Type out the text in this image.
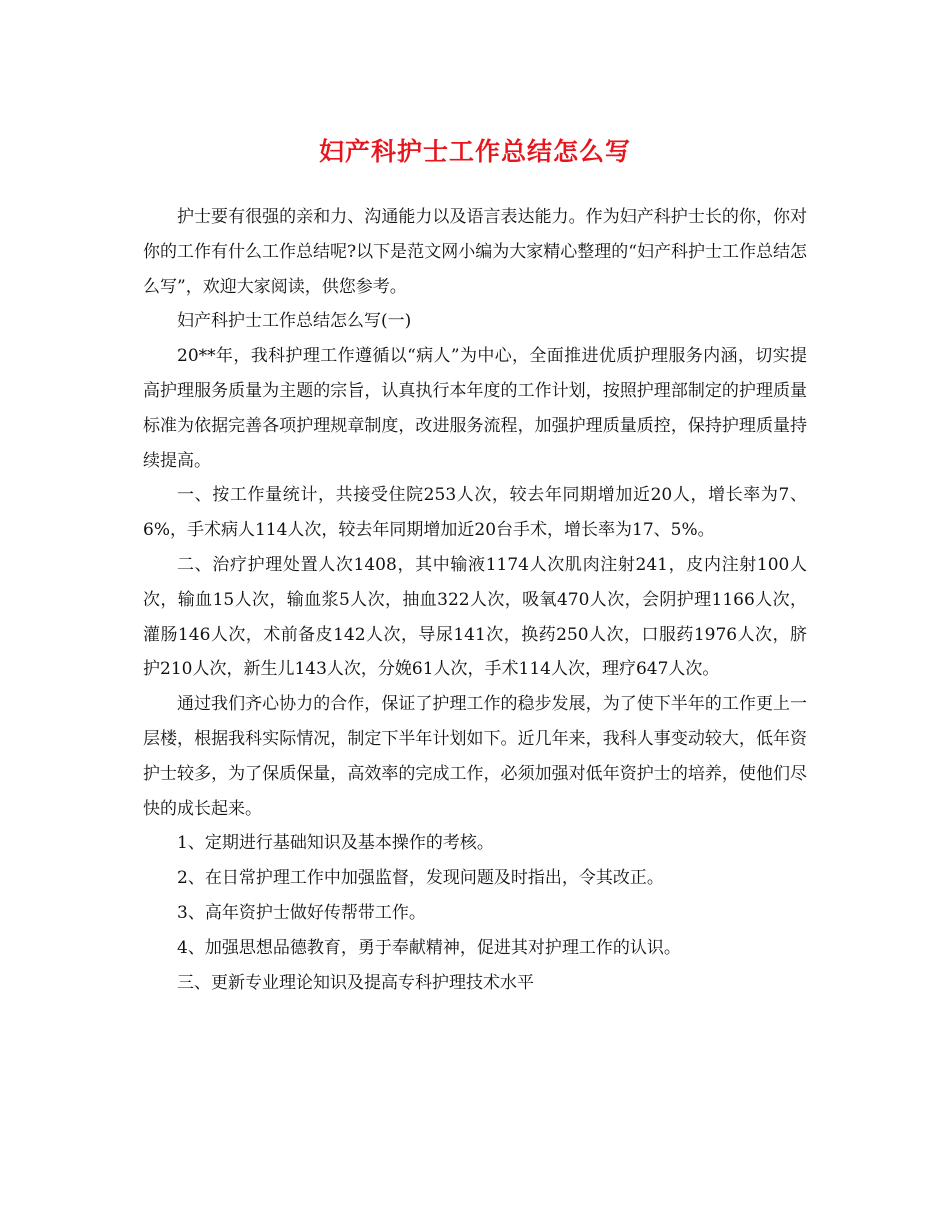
妇产科护士工作总结怎么写

护士要有很强的亲和力、沟通能力以及语言表达能力。作为妇产科护士长的你，你对你的工作有什么工作总结呢?以下是范文网小编为大家精心整理的“妇产科护士工作总结怎么写”，欢迎大家阅读，供您参考。

妇产科护士工作总结怎么写(一)

20**年，我科护理工作遵循以“病人”为中心，全面推进优质护理服务内涵，切实提高护理服务质量为主题的宗旨，认真执行本年度的工作计划，按照护理部制定的护理质量标准为依据完善各项护理规章制度，改进服务流程，加强护理质量质控，保持护理质量持续提高。

一、按工作量统计，共接受住院253人次，较去年同期增加近20人，增长率为7、6%，手术病人114人次，较去年同期增加近20台手术，增长率为17、5%。

二、治疗护理处置人次1408，其中输液1174人次肌肉注射241，皮内注射100人次，输血15人次，输血浆5人次，抽血322人次，吸氧470人次，会阴护理1166人次，灌肠146人次，术前备皮142人次，导尿141次，换药250人次，口服药1976人次，脐护210人次，新生儿143人次，分娩61人次，手术114人次，理疗647人次。

通过我们齐心协力的合作，保证了护理工作的稳步发展，为了使下半年的工作更上一层楼，根据我科实际情况，制定下半年计划如下。近几年来，我科人事变动较大，低年资护士较多，为了保质保量，高效率的完成工作，必须加强对低年资护士的培养，使他们尽快的成长起来。

1、定期进行基础知识及基本操作的考核。

2、在日常护理工作中加强监督，发现问题及时指出，令其改正。

3、高年资护士做好传帮带工作。

4、加强思想品德教育，勇于奉献精神，促进其对护理工作的认识。

三、更新专业理论知识及提高专科护理技术水平
